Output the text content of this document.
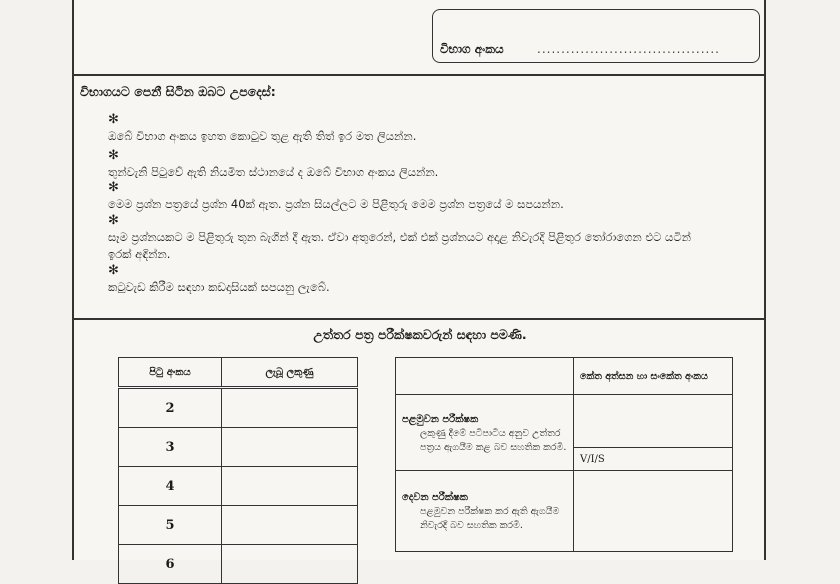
විභාග අංකය	......................................
විභාගයට පෙනී සිටින ඔබට උපදෙස්:
✻ඔබේ විභාග අංකය ඉහත කොටුව තුළ ඇති තිත් ඉර මත ලියන්න.
✻තුන්වැනි පිටුවේ ඇති නියමිත ස්ථානයේ ද ඔබේ විභාග අංකය ලියන්න.
✻මෙම ප්‍රශ්න පත්‍රයේ ප්‍රශ්න 40ක් ඇත. ප්‍රශ්න සියල්ලට ම පිළිතුරු මෙම ප්‍රශ්න පත්‍රයේ ම සපයන්න.
✻සෑම ප්‍රශ්නයකට ම පිළිතුරු තුන බැගින් දී ඇත. ඒවා අතුරෙන්, එක් එක් ප්‍රශ්නයට අදාළ නිවැරදි පිළිතුර තෝරාගෙන එට යටින් ඉරක් අඳින්න.
✻කටුවැඩ කිරීම සඳහා කඩදාසියක් සපයනු ලැබේ.
උත්තර පත්‍ර පරීක්ෂකවරුන් සඳහා පමණි.
පිටු අංකය	ලැබූ ලකුණු
2	
3	
4	
5	
6	
	කේත අත්සන හා සංකේත අංකය

පළමුවන පරීක්ෂක
ලකුණු දීමේ පටිපාටිය අනුව උත්තර පත්‍රය ඇගයීම කළ බව සහතික කරමි.	

	V/I/S

දෙවන පරීක්ෂක
පළමුවන පරීක්ෂක කර ඇති ඇගයීම නිවැරදි බව සහතික කරමි.	
